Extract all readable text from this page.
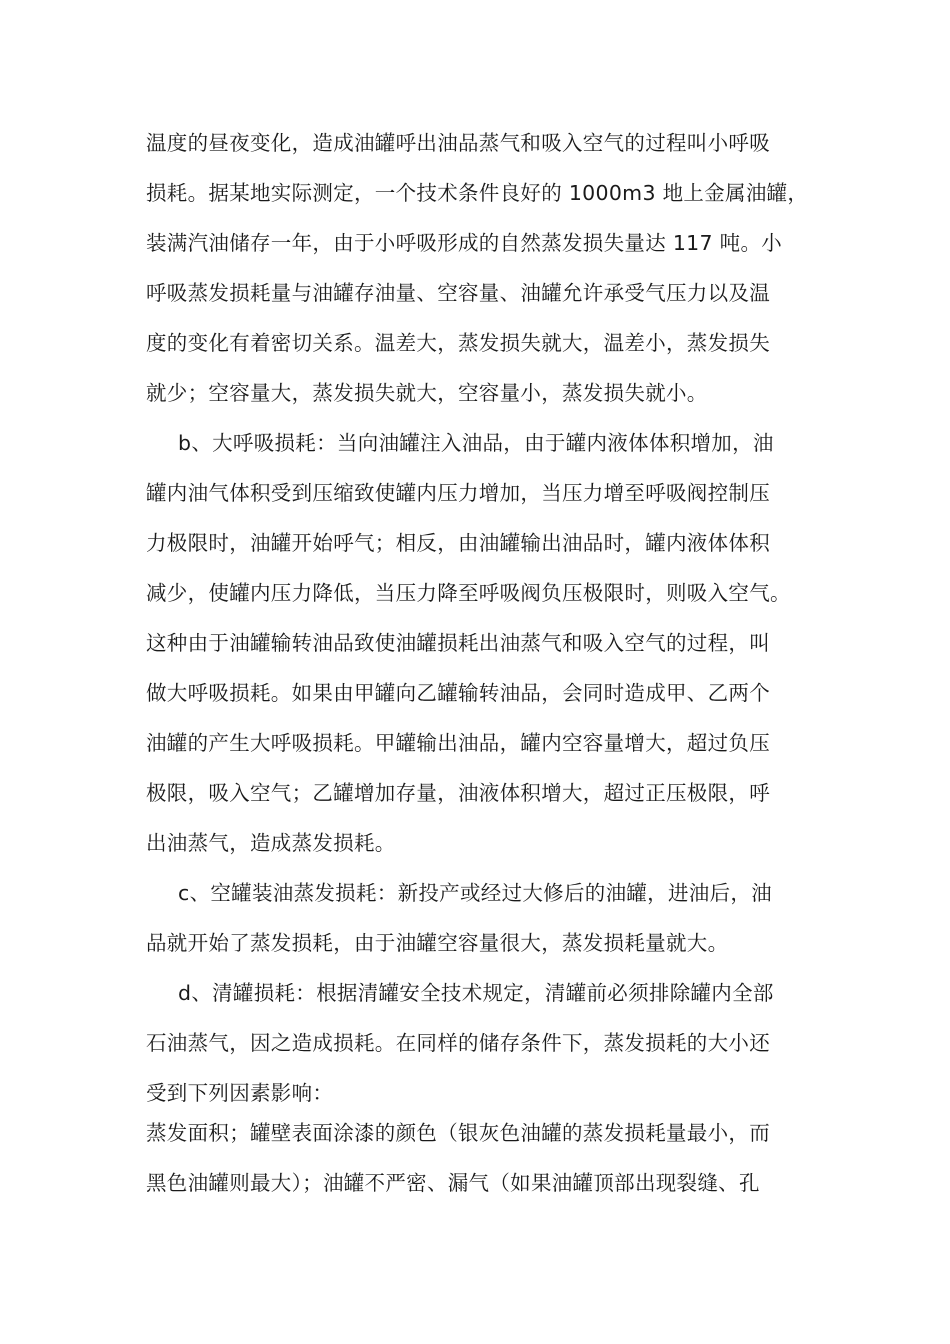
温度的昼夜变化，造成油罐呼出油品蒸气和吸入空气的过程叫小呼吸
损耗。据某地实际测定，一个技术条件良好的 1000m3 地上金属油罐，
装满汽油储存一年，由于小呼吸形成的自然蒸发损失量达 117 吨。小
呼吸蒸发损耗量与油罐存油量、空容量、油罐允许承受气压力以及温
度的变化有着密切关系。温差大，蒸发损失就大，温差小，蒸发损失
就少；空容量大，蒸发损失就大，空容量小，蒸发损失就小。
b、大呼吸损耗：当向油罐注入油品，由于罐内液体体积增加，油
罐内油气体积受到压缩致使罐内压力增加，当压力增至呼吸阀控制压
力极限时，油罐开始呼气；相反，由油罐输出油品时，罐内液体体积
减少，使罐内压力降低，当压力降至呼吸阀负压极限时，则吸入空气。
这种由于油罐输转油品致使油罐损耗出油蒸气和吸入空气的过程，叫
做大呼吸损耗。如果由甲罐向乙罐输转油品，会同时造成甲、乙两个
油罐的产生大呼吸损耗。甲罐输出油品，罐内空容量增大，超过负压
极限，吸入空气；乙罐增加存量，油液体积增大，超过正压极限，呼
出油蒸气，造成蒸发损耗。
c、空罐装油蒸发损耗：新投产或经过大修后的油罐，进油后，油
品就开始了蒸发损耗，由于油罐空容量很大，蒸发损耗量就大。
d、清罐损耗：根据清罐安全技术规定，清罐前必须排除罐内全部
石油蒸气，因之造成损耗。在同样的储存条件下，蒸发损耗的大小还
受到下列因素影响：
蒸发面积；罐壁表面涂漆的颜色（银灰色油罐的蒸发损耗量最小，而
黑色油罐则最大）；油罐不严密、漏气（如果油罐顶部出现裂缝、孔
